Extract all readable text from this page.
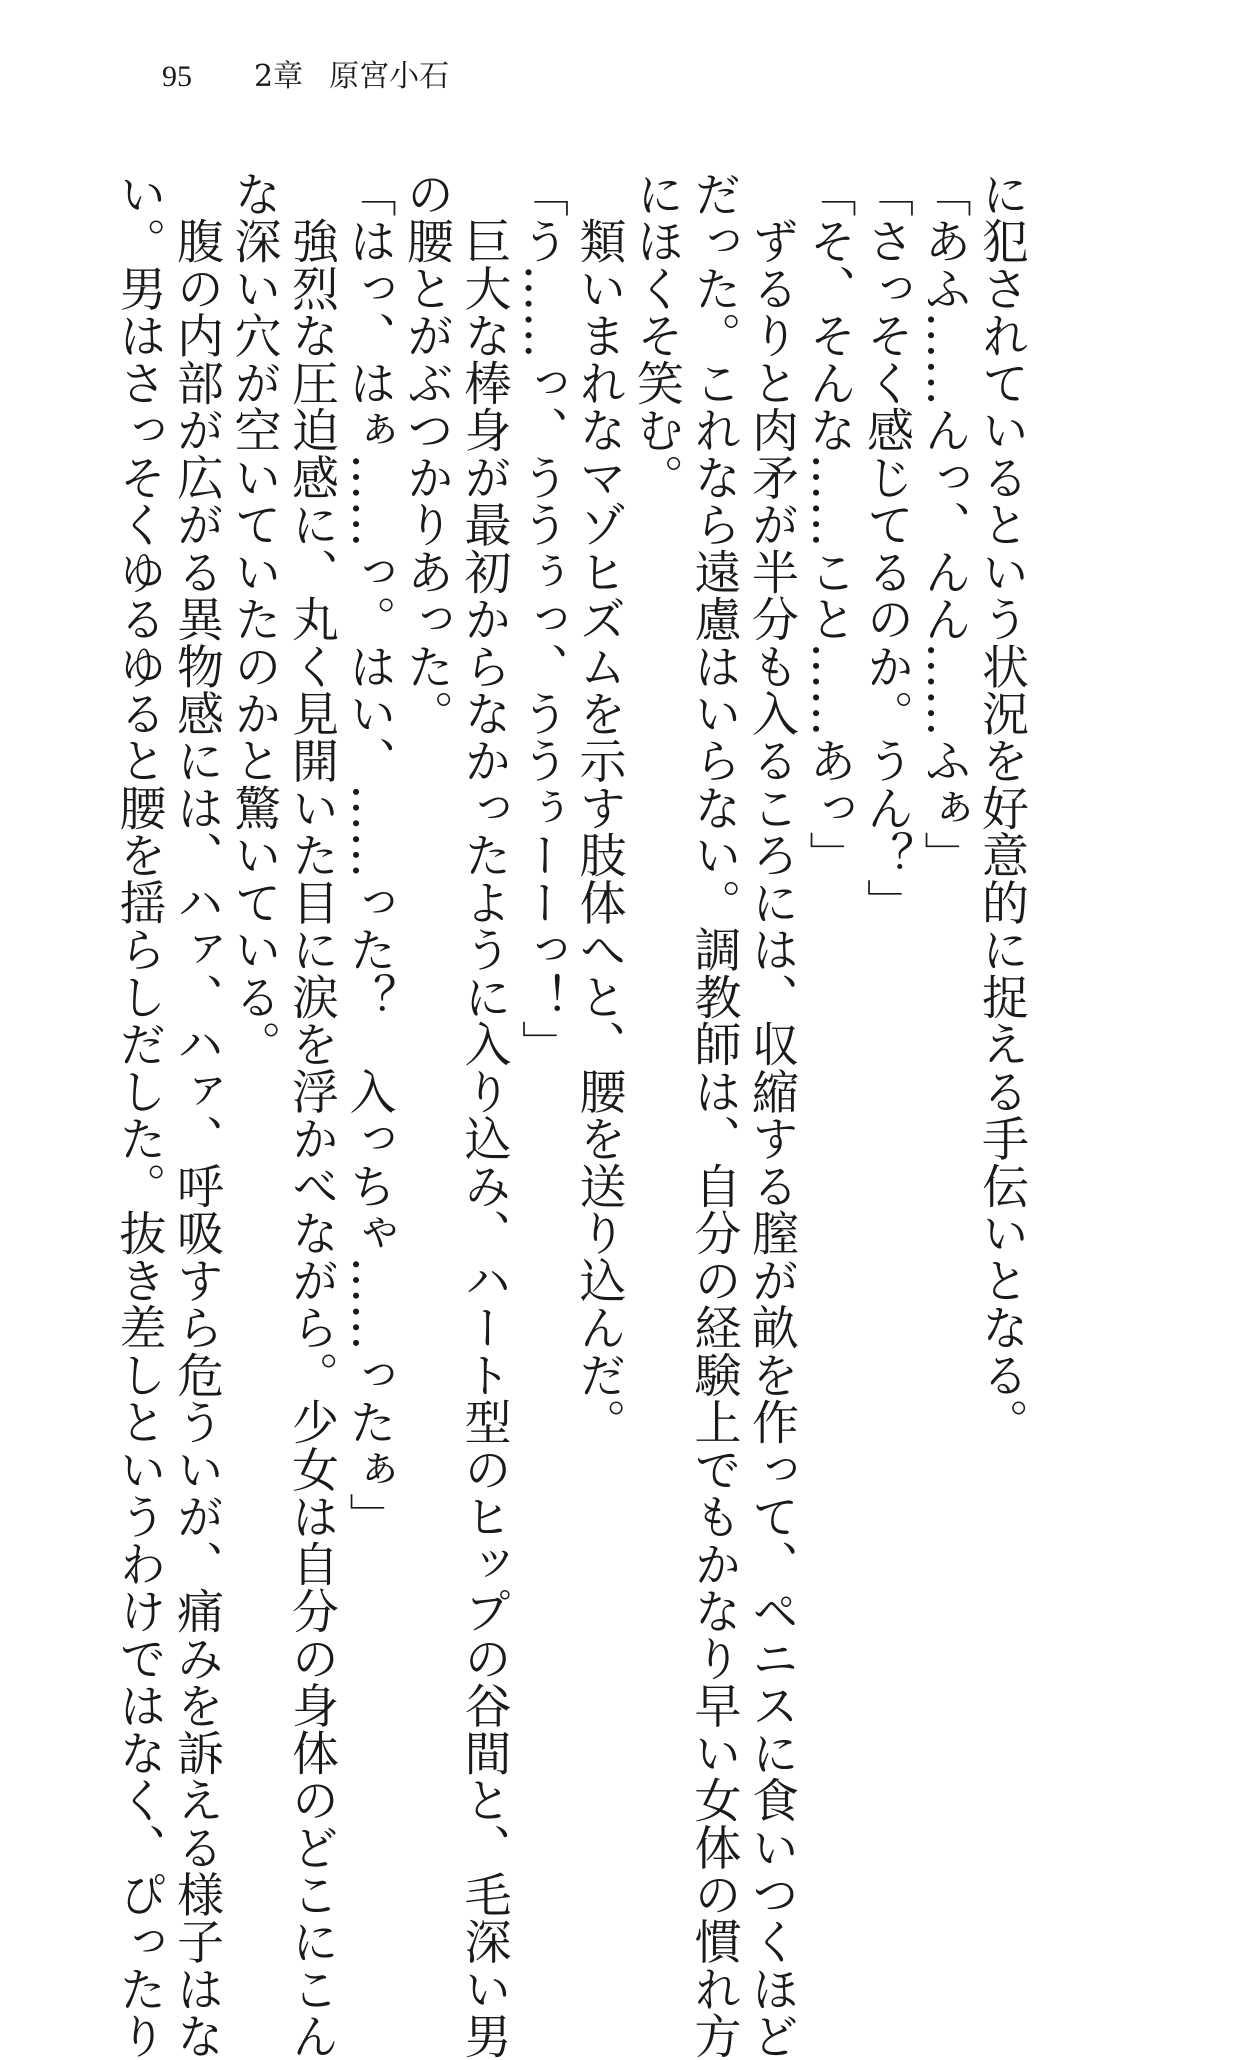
95 2章 原宮小石
に犯されているという状況を好意的に捉える手伝いとなる。
「あふ……んっ、んん……ふぁ」
「さっそく感じてるのか。うん？」
「そ、そんな……こと……あっ」
　ずるりと肉矛が半分も入るころには、収縮する膣が畝を作って、ペニスに食いつくほど
だった。これなら遠慮はいらない。調教師は、自分の経験上でもかなり早い女体の慣れ方
にほくそ笑む。
　類いまれなマゾヒズムを示す肢体へと、腰を送り込んだ。
「う……っ、ううぅっ、ううぅーーっ！」
　巨大な棒身が最初からなかったように入り込み、ハート型のヒップの谷間と、毛深い男
の腰とがぶつかりあった。
「はっ、はぁ……っ。はい、……った？　入っちゃ……ったぁ」
　強烈な圧迫感に、丸く見開いた目に涙を浮かべながら。少女は自分の身体のどこにこん
な深い穴が空いていたのかと驚いている。
　腹の内部が広がる異物感には、ハァ、ハァ、呼吸すら危ういが、痛みを訴える様子はな
い。男はさっそくゆるゆると腰を揺らしだした。抜き差しというわけではなく、ぴったり
